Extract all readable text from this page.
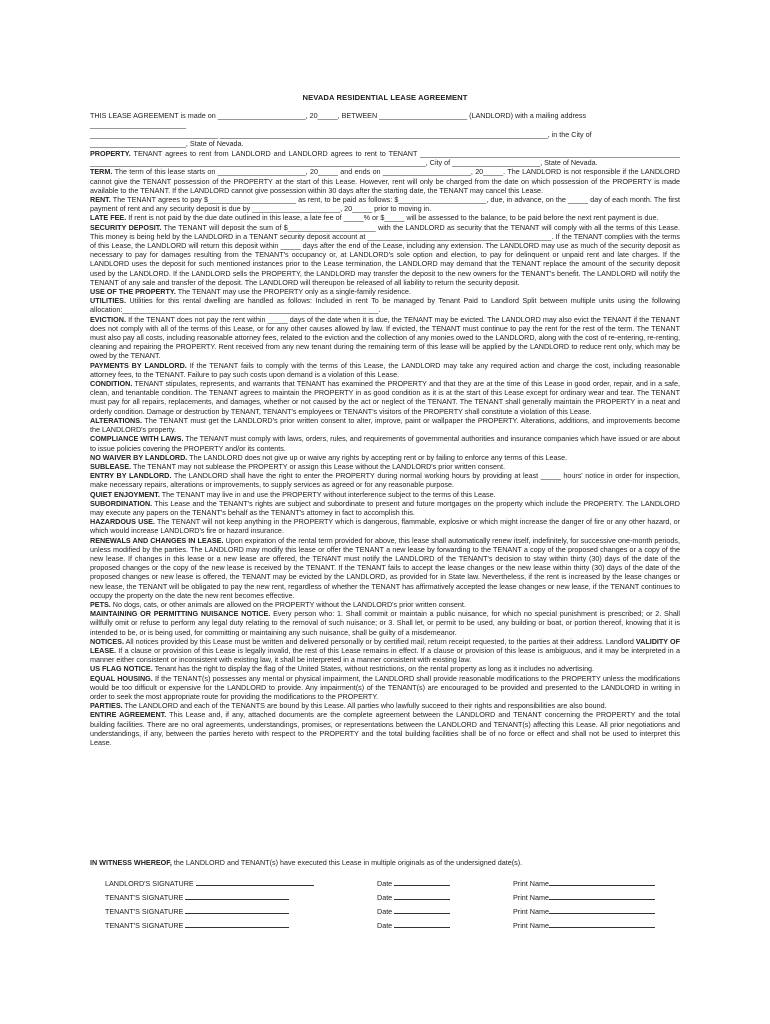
NEVADA RESIDENTIAL LEASE AGREEMENT

THIS LEASE AGREEMENT is made on ______________________, 20_____, BETWEEN ______________________ (LANDLORD) with a mailing address ________________________

________________________________ __________________________________________________________________________________, in the City of

________________________, State of Nevada.

PROPERTY. TENANT agrees to rent from LANDLORD and LANDLORD agrees to rent to TENANT _________________________________________________________________ ____________________________________________________________________________________, City of ______________________, State of Nevada.

TERM. The term of this lease starts on ______________________, 20_____ and ends on ______________________, 20_____. The LANDLORD is not responsible if the LANDLORD cannot give the TENANT possession of the PROPERTY at the start of this Lease. However, rent will only be charged from the date on which possession of the PROPERTY is made available to the TENANT. If the LANDLORD cannot give possession within 30 days after the starting date, the TENANT may cancel this Lease.

RENT. The TENANT agrees to pay $______________________ as rent, to be paid as follows: $______________________, due, in advance, on the _____ day of each month. The first payment of rent and any security deposit is due by ______________________, 20_____ prior to moving in.

LATE FEE. If rent is not paid by the due date outlined in this lease, a late fee of _____% or $_____ will be assessed to the balance, to be paid before the next rent payment is due.

SECURITY DEPOSIT. The TENANT will deposit the sum of $______________________ with the LANDLORD as security that the TENANT will comply with all the terms of this Lease. This money is being held by the LANDLORD in a TENANT security deposit account at ______________________________________________. If the TENANT complies with the terms of this Lease, the LANDLORD will return this deposit within _____ days after the end of the Lease, including any extension. The LANDLORD may use as much of the security deposit as necessary to pay for damages resulting from the TENANT's occupancy or, at LANDLORD's sole option and election, to pay for delinquent or unpaid rent and late charges. If the LANDLORD uses the deposit for such mentioned instances prior to the Lease termination, the LANDLORD may demand that the TENANT replace the amount of the security deposit used by the LANDLORD. If the LANDLORD sells the PROPERTY, the LANDLORD may transfer the deposit to the new owners for the TENANT's benefit. The LANDLORD will notify the TENANT of any sale and transfer of the deposit. The LANDLORD will thereupon be released of all liability to return the security deposit.

USE OF THE PROPERTY. The TENANT may use the PROPERTY only as a single-family residence.

UTILITIES. Utilities for this rental dwelling are handled as follows: Included in rent To be managed by Tenant Paid to Landlord Split between multiple units using the following allocation:________________________________________________________________.

EVICTION. If the TENANT does not pay the rent within _____ days of the date when it is due, the TENANT may be evicted. The LANDLORD may also evict the TENANT if the TENANT does not comply with all of the terms of this Lease, or for any other causes allowed by law. If evicted, the TENANT must continue to pay the rent for the rest of the term. The TENANT must also pay all costs, including reasonable attorney fees, related to the eviction and the collection of any monies owed to the LANDLORD, along with the cost of re-entering, re-renting, cleaning and repairing the PROPERTY. Rent received from any new tenant during the remaining term of this lease will be applied by the LANDLORD to reduce rent only, which may be owed by the TENANT.

PAYMENTS BY LANDLORD. If the TENANT fails to comply with the terms of this Lease, the LANDLORD may take any required action and charge the cost, including reasonable attorney fees, to the TENANT. Failure to pay such costs upon demand is a violation of this Lease.

CONDITION. TENANT stipulates, represents, and warrants that TENANT has examined the PROPERTY and that they are at the time of this Lease in good order, repair, and in a safe, clean, and tenantable condition. The TENANT agrees to maintain the PROPERTY in as good condition as it is at the start of this Lease except for ordinary wear and tear. The TENANT must pay for all repairs, replacements, and damages, whether or not caused by the act or neglect of the TENANT. The TENANT shall generally maintain the PROPERTY in a neat and orderly condition. Damage or destruction by TENANT, TENANT's employees or TENANT's visitors of the PROPERTY shall constitute a violation of this Lease.

ALTERATIONS. The TENANT must get the LANDLORD's prior written consent to alter, improve, paint or wallpaper the PROPERTY. Alterations, additions, and improvements become the LANDLORD's property.

COMPLIANCE WITH LAWS. The TENANT must comply with laws, orders, rules, and requirements of governmental authorities and insurance companies which have issued or are about to issue policies covering the PROPERTY and/or its contents.

NO WAIVER BY LANDLORD. The LANDLORD does not give up or waive any rights by accepting rent or by failing to enforce any terms of this Lease.

SUBLEASE. The TENANT may not sublease the PROPERTY or assign this Lease without the LANDLORD's prior written consent.

ENTRY BY LANDLORD. The LANDLORD shall have the right to enter the PROPERTY during normal working hours by providing at least _____ hours' notice in order for inspection, make necessary repairs, alterations or improvements, to supply services as agreed or for any reasonable purpose.

QUIET ENJOYMENT. The TENANT may live in and use the PROPERTY without interference subject to the terms of this Lease.

SUBORDINATION. This Lease and the TENANT's rights are subject and subordinate to present and future mortgages on the property which include the PROPERTY. The LANDLORD may execute any papers on the TENANT's behalf as the TENANT's attorney in fact to accomplish this.

HAZARDOUS USE. The TENANT will not keep anything in the PROPERTY which is dangerous, flammable, explosive or which might increase the danger of fire or any other hazard, or which would increase LANDLORD's fire or hazard insurance.

RENEWALS AND CHANGES IN LEASE. Upon expiration of the rental term provided for above, this lease shall automatically renew itself, indefinitely, for successive one-month periods, unless modified by the parties. The LANDLORD may modify this lease or offer the TENANT a new lease by forwarding to the TENANT a copy of the proposed changes or a copy of the new lease. If changes in this lease or a new lease are offered, the TENANT must notify the LANDLORD of the TENANT's decision to stay within thirty (30) days of the date of the proposed changes or the copy of the new lease is received by the TENANT. If the TENANT fails to accept the lease changes or the new lease within thirty (30) days of the date of the proposed changes or new lease is offered, the TENANT may be evicted by the LANDLORD, as provided for in State law. Nevertheless, if the rent is increased by the lease changes or new lease, the TENANT will be obligated to pay the new rent, regardless of whether the TENANT has affirmatively accepted the lease changes or new lease, if the TENANT continues to occupy the property on the date the new rent becomes effective.

PETS. No dogs, cats, or other animals are allowed on the PROPERTY without the LANDLORD's prior written consent.

MAINTAINING OR PERMITTING NUISANCE NOTICE. Every person who: 1. Shall commit or maintain a public nuisance, for which no special punishment is prescribed; or 2. Shall willfully omit or refuse to perform any legal duty relating to the removal of such nuisance; or 3. Shall let, or permit to be used, any building or boat, or portion thereof, knowing that it is intended to be, or is being used, for committing or maintaining any such nuisance, shall be guilty of a misdemeanor.

NOTICES. All notices provided by this Lease must be written and delivered personally or by certified mail, return receipt requested, to the parties at their address. Landlord VALIDITY OF LEASE. If a clause or provision of this Lease is legally invalid, the rest of this Lease remains in effect. If a clause or provision of this lease is ambiguous, and it may be interpreted in a manner either consistent or inconsistent with existing law, it shall be interpreted in a manner consistent with existing law.

US FLAG NOTICE. Tenant has the right to display the flag of the United States, without restrictions, on the rental property as long as it includes no advertising.

EQUAL HOUSING. If the TENANT(s) possesses any mental or physical impairment, the LANDLORD shall provide reasonable modifications to the PROPERTY unless the modifications would be too difficult or expensive for the LANDLORD to provide. Any impairment(s) of the TENANT(s) are encouraged to be provided and presented to the LANDLORD in writing in order to seek the most appropriate route for providing the modifications to the PROPERTY.

PARTIES. The LANDLORD and each of the TENANTS are bound by this Lease. All parties who lawfully succeed to their rights and responsibilities are also bound.

ENTIRE AGREEMENT. This Lease and, if any, attached documents are the complete agreement between the LANDLORD and TENANT concerning the PROPERTY and the total building facilities. There are no oral agreements, understandings, promises, or representations between the LANDLORD and TENANT(s) affecting this Lease. All prior negotiations and understandings, if any, between the parties hereto with respect to the PROPERTY and the total building facilities shall be of no force or effect and shall not be used to interpret this Lease.

IN WITNESS WHEREOF, the LANDLORD and TENANT(s) have executed this Lease in multiple originals as of the undersigned date(s).

LANDLORD'S SIGNATURE	Date	Print Name
TENANT'S SIGNATURE	Date	Print Name
TENANT'S SIGNATURE	Date	Print Name
TENANT'S SIGNATURE	Date	Print Name
